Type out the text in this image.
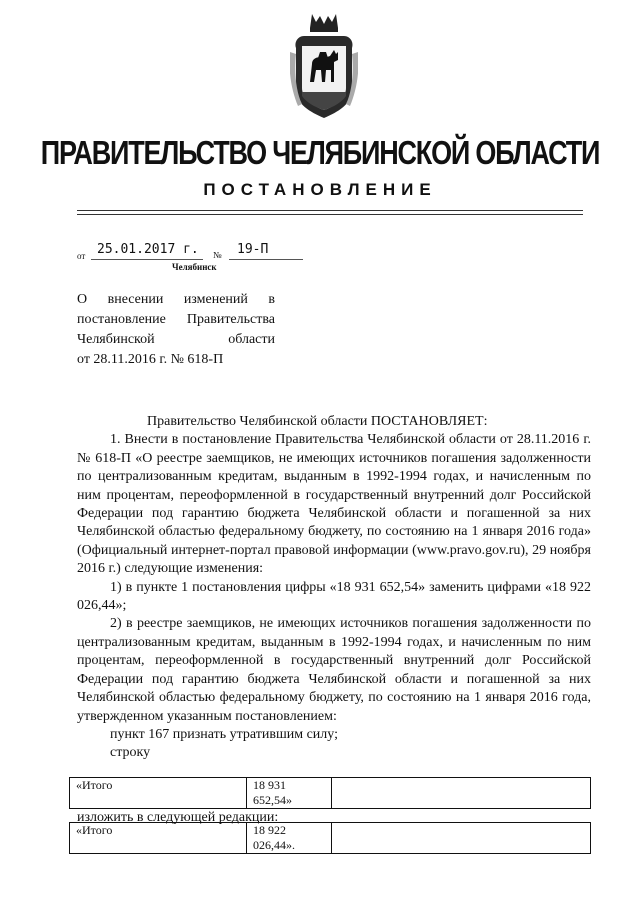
ПРАВИТЕЛЬСТВО ЧЕЛЯБИНСКОЙ ОБЛАСТИ
ПОСТАНОВЛЕНИЕ
от 25.01.2017 г. № 19-П
Челябинск
О внесении изменений в
постановление Правительства
Челябинской области
от 28.11.2016 г. № 618-П

Правительство Челябинской области ПОСТАНОВЛЯЕТ:

1. Внести в постановление Правительства Челябинской области от 28.11.2016 г. № 618-П «О реестре заемщиков, не имеющих источников погашения задолженности по централизованным кредитам, выданным в 1992-1994 годах, и начисленным по ним процентам, переоформленной в государственный внутренний долг Российской Федерации под гарантию бюджета Челябинской области и погашенной за них Челябинской областью федеральному бюджету, по состоянию на 1 января 2016 года» (Официальный интернет-портал правовой информации (www.pravo.gov.ru), 29 ноября 2016 г.) следующие изменения:

1) в пункте 1 постановления цифры «18 931 652,54» заменить цифрами «18 922 026,44»;

2) в реестре заемщиков, не имеющих источников погашения задолженности по централизованным кредитам, выданным в 1992-1994 годах, и начисленным по ним процентам, переоформленной в государственный внутренний долг Российской Федерации под гарантию бюджета Челябинской области и погашенной за них Челябинской областью федеральному бюджету, по состоянию на 1 января 2016 года, утвержденном указанным постановлением:

пункт 167 признать утратившим силу;

строку

«Итого	18 931 652,54»	
изложить в следующей редакции:
«Итого	18 922 026,44».	
